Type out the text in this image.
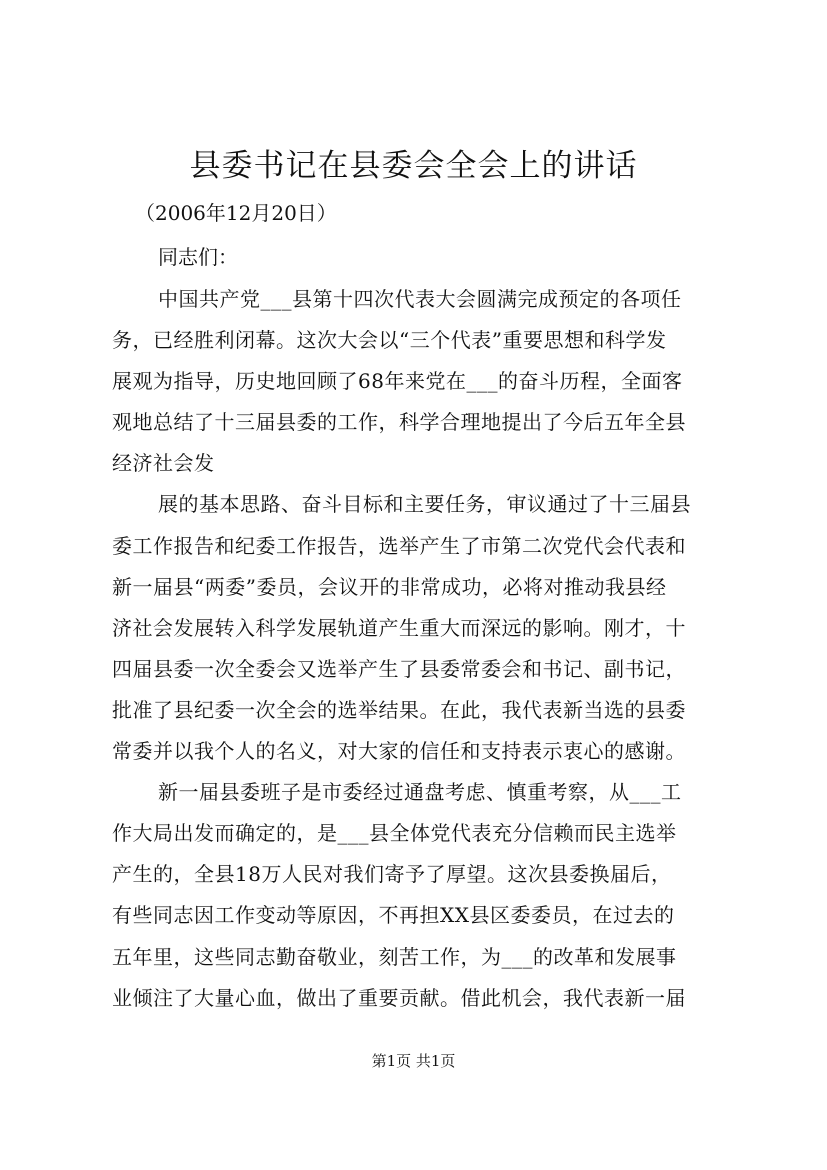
县委书记在县委会全会上的讲话
（2006年12月20日）
同志们：
中国共产党___县第十四次代表大会圆满完成预定的各项任
务，已经胜利闭幕。这次大会以“三个代表”重要思想和科学发
展观为指导，历史地回顾了68年来党在___的奋斗历程，全面客
观地总结了十三届县委的工作，科学合理地提出了今后五年全县
经济社会发
展的基本思路、奋斗目标和主要任务，审议通过了十三届县
委工作报告和纪委工作报告，选举产生了市第二次党代会代表和
新一届县“两委”委员，会议开的非常成功，必将对推动我县经
济社会发展转入科学发展轨道产生重大而深远的影响。刚才，十
四届县委一次全委会又选举产生了县委常委会和书记、副书记，
批准了县纪委一次全会的选举结果。在此，我代表新当选的县委
常委并以我个人的名义，对大家的信任和支持表示衷心的感谢。
新一届县委班子是市委经过通盘考虑、慎重考察，从___工
作大局出发而确定的，是___县全体党代表充分信赖而民主选举
产生的，全县18万人民对我们寄予了厚望。这次县委换届后，
有些同志因工作变动等原因，不再担XX县区委委员，在过去的
五年里，这些同志勤奋敬业，刻苦工作，为___的改革和发展事
业倾注了大量心血，做出了重要贡献。借此机会，我代表新一届
第1页 共1页
